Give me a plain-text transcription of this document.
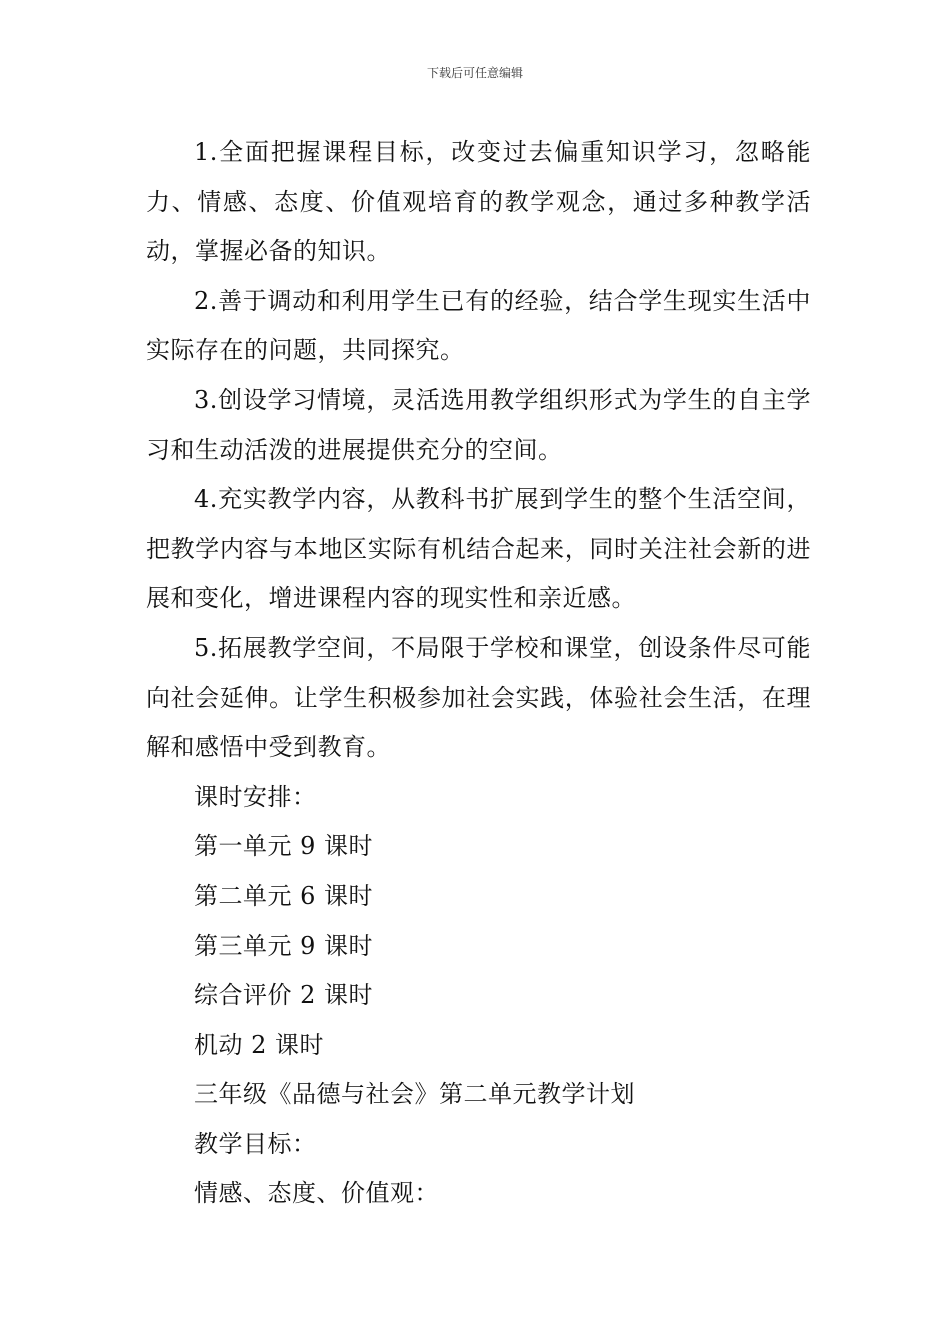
下载后可任意编辑

1.全面把握课程目标，改变过去偏重知识学习，忽略能力、情感、态度、价值观培育的教学观念，通过多种教学活动，掌握必备的知识。

2.善于调动和利用学生已有的经验，结合学生现实生活中实际存在的问题，共同探究。

3.创设学习情境，灵活选用教学组织形式为学生的自主学习和生动活泼的进展提供充分的空间。

4.充实教学内容，从教科书扩展到学生的整个生活空间，把教学内容与本地区实际有机结合起来，同时关注社会新的进展和变化，增进课程内容的现实性和亲近感。

5.拓展教学空间，不局限于学校和课堂，创设条件尽可能向社会延伸。让学生积极参加社会实践，体验社会生活，在理解和感悟中受到教育。

课时安排：

第一单元 9 课时

第二单元 6 课时

第三单元 9 课时

综合评价 2 课时

机动 2 课时

三年级《品德与社会》第二单元教学计划

教学目标：

情感、态度、价值观：
